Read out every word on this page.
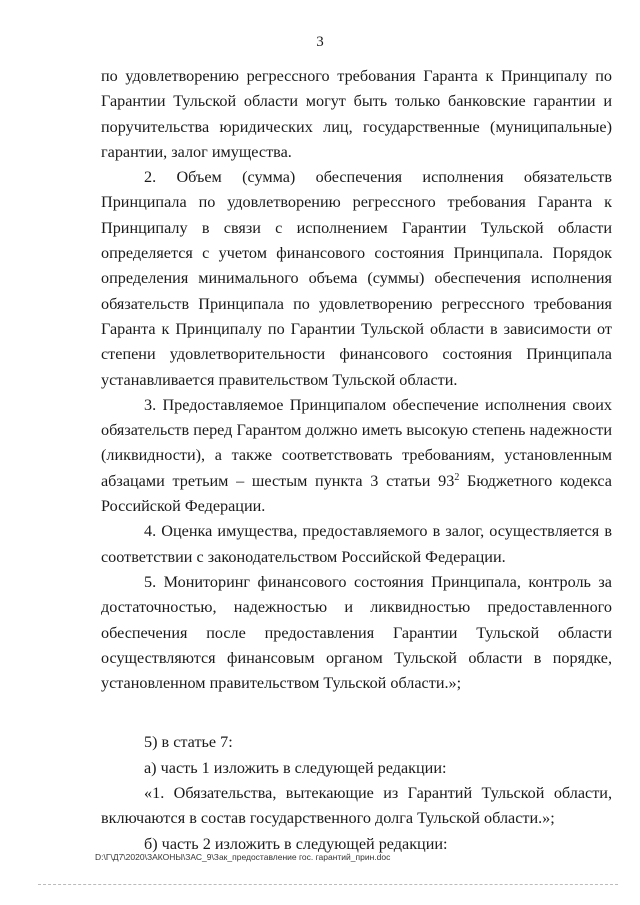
3

по удовлетворению регрессного требования Гаранта к Принципалу по Гарантии Тульской области могут быть только банковские гарантии и поручительства юридических лиц, государственные (муниципальные) гарантии, залог имущества.

2. Объем (сумма) обеспечения исполнения обязательств Принципала по удовлетворению регрессного требования Гаранта к Принципалу в связи с исполнением Гарантии Тульской области определяется с учетом финансового состояния Принципала. Порядок определения минимального объема (суммы) обеспечения исполнения обязательств Принципала по удовлетворению регрессного требования Гаранта к Принципалу по Гарантии Тульской области в зависимости от степени удовлетворительности финансового состояния Принципала устанавливается правительством Тульской области.

3. Предоставляемое Принципалом обеспечение исполнения своих обязательств перед Гарантом должно иметь высокую степень надежности (ликвидности), а также соответствовать требованиям, установленным абзацами третьим – шестым пункта 3 статьи $93^2$ Бюджетного кодекса Российской Федерации.

4. Оценка имущества, предоставляемого в залог, осуществляется в соответствии с законодательством Российской Федерации.

5. Мониторинг финансового состояния Принципала, контроль за достаточностью, надежностью и ликвидностью предоставленного обеспечения после предоставления Гарантии Тульской области осуществляются финансовым органом Тульской области в порядке, установленном правительством Тульской области.»;

5) в статье 7:

а) часть 1 изложить в следующей редакции:

«1. Обязательства, вытекающие из Гарантий Тульской области, включаются в состав государственного долга Тульской области.»;

б) часть 2 изложить в следующей редакции:

D:\Г\Д7\2020\ЗАКОНЫ\ЗАС_9\Зак_предоставление гос. гарантий_прин.doc
